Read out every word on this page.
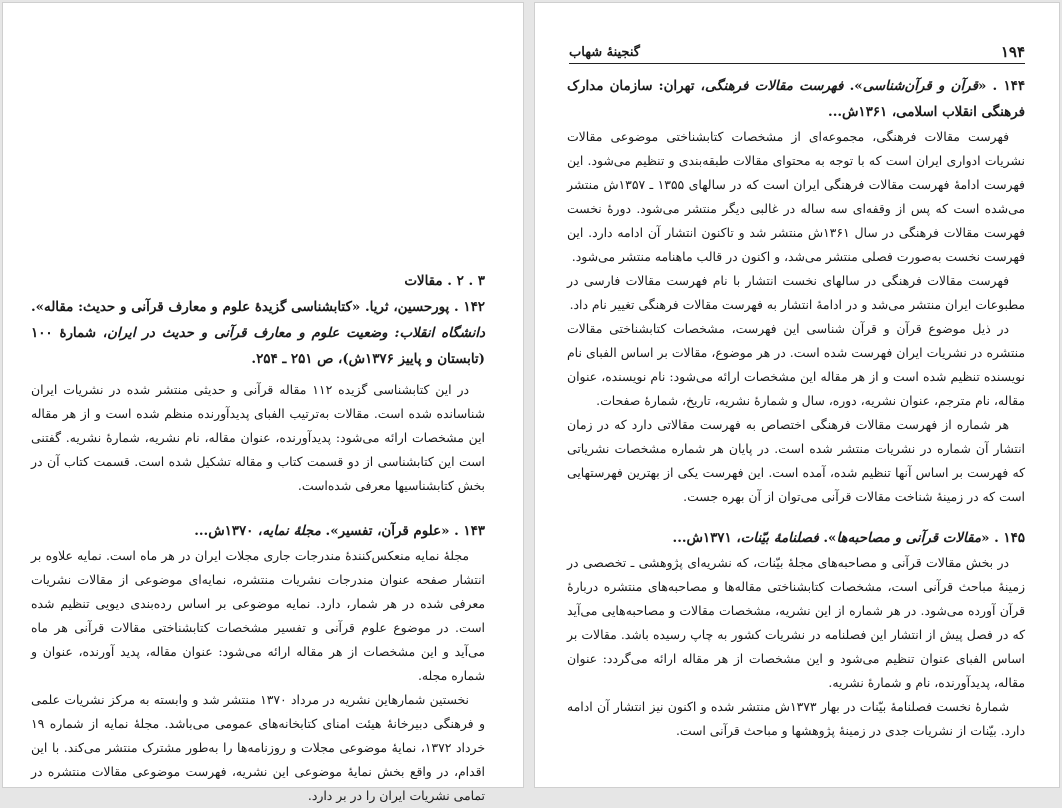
۳ . ۲ . مقالات

۱۴۲ . پورحسین، ثریا. «کتابشناسی گزیدهٔ علوم و معارف قرآنی و حدیث: مقاله». دانشگاه انقلاب: وضعیت علوم و معارف قرآنی و حدیث در ایران، شمارهٔ ۱۰۰ (تابستان و پاییز ۱۳۷۶ش)، ص ۲۵۱ ـ ۲۵۴.

در این کتابشناسی گزیده ۱۱۲ مقاله قرآنی و حدیثی منتشر شده در نشریات ایران شناسانده شده است. مقالات به‌ترتیب الفبای پدیدآورنده منظم شده است و از هر مقاله این مشخصات ارائه می‌شود: پدیدآورنده، عنوان مقاله، نام نشریه، شمارهٔ نشریه. گفتنی است این کتابشناسی از دو قسمت کتاب و مقاله تشکیل شده است. قسمت کتاب آن در بخش کتابشناسیها معرفی شده‌است.

۱۴۳ . «علوم قرآن، تفسیر». مجلهٔ نمایه، ۱۳۷۰ش...

مجلهٔ نمایه منعکس‌کنندهٔ مندرجات جاری مجلات ایران در هر ماه است. نمایه علاوه بر انتشار صفحه عنوان مندرجات نشریات منتشره، نمایه‌ای موضوعی از مقالات نشریات معرفی شده در هر شمار، دارد. نمایه موضوعی بر اساس رده‌بندی دیویی تنظیم شده است. در موضوع علوم قرآنی و تفسیر مشخصات کتابشناختی مقالات قرآنی هر ماه می‌آید و این مشخصات از هر مقاله ارائه می‌شود: عنوان مقاله، پدید آورنده، عنوان و شماره مجله.

نخستین شمارهاین نشریه در مرداد ۱۳۷۰ منتشر شد و وابسته به مرکز نشریات علمی و فرهنگی دبیرخانهٔ هیئت امنای کتابخانه‌های عمومی می‌باشد. مجلهٔ نمایه از شماره ۱۹ خرداد ۱۳۷۲، نمایهٔ موضوعی مجلات و روزنامه‌ها را به‌طور مشترک منتشر می‌کند. با این اقدام، در واقع بخش نمایهٔ موضوعی این نشریه، فهرست موضوعی مقالات منتشره در تمامی نشریات ایران را در بر دارد.

۱۹۴
گنجینهٔ شهاب

۱۴۴ . «قرآن و قرآن‌شناسی». فهرست مقالات فرهنگی، تهران: سازمان مدارک فرهنگی انقلاب اسلامی، ۱۳۶۱ش...

فهرست مقالات فرهنگی، مجموعه‌ای از مشخصات کتابشناختی موضوعی مقالات نشریات ادواری ایران است که با توجه به محتوای مقالات طبقه‌بندی و تنظیم می‌شود. این فهرست ادامهٔ فهرست مقالات فرهنگی ایران است که در سالهای ۱۳۵۵ ـ ۱۳۵۷ش منتشر می‌شده است که پس از وقفه‌ای سه ساله در غالبی دیگر منتشر می‌شود. دورهٔ نخست فهرست مقالات فرهنگی در سال ۱۳۶۱ش منتشر شد و تاکنون انتشار آن ادامه دارد. این فهرست نخست به‌صورت فصلی منتشر می‌شد، و اکنون در قالب ماهنامه منتشر می‌شود.

فهرست مقالات فرهنگی در سالهای نخست انتشار با نام فهرست مقالات فارسی در مطبوعات ایران منتشر می‌شد و در ادامهٔ انتشار به فهرست مقالات فرهنگی تغییر نام داد.

در ذیل موضوع قرآن و قرآن شناسی این فهرست، مشخصات کتابشناختی مقالات منتشره در نشریات ایران فهرست شده است. در هر موضوع، مقالات بر اساس الفبای نام نویسنده تنظیم شده است و از هر مقاله این مشخصات ارائه می‌شود: نام نویسنده، عنوان مقاله، نام مترجم، عنوان نشریه، دوره، سال و شمارهٔ نشریه، تاریخ، شمارهٔ صفحات.

هر شماره از فهرست مقالات فرهنگی اختصاص به فهرست مقالاتی دارد که در زمان انتشار آن شماره در نشریات منتشر شده است. در پایان هر شماره مشخصات نشریاتی که فهرست بر اساس آنها تنظیم شده، آمده است. این فهرست یکی از بهترین فهرستهایی است که در زمینهٔ شناخت مقالات قرآنی می‌توان از آن بهره جست.

۱۴۵ . «مقالات قرآنی و مصاحبه‌ها». فصلنامهٔ بیّنات، ۱۳۷۱ش...

در بخش مقالات قرآنی و مصاحبه‌های مجلهٔ بیّنات، که نشریه‌ای پژوهشی ـ تخصصی در زمینهٔ مباحث قرآنی است، مشخصات کتابشناختی مقاله‌ها و مصاحبه‌های منتشره دربارهٔ قرآن آورده می‌شود. در هر شماره از این نشریه، مشخصات مقالات و مصاحبه‌هایی می‌آید که در فصل پیش از انتشار این فصلنامه در نشریات کشور به چاپ رسیده باشد. مقالات بر اساس الفبای عنوان تنظیم می‌شود و این مشخصات از هر مقاله ارائه می‌گردد: عنوان مقاله، پدیدآورنده، نام و شمارهٔ نشریه.

شمارهٔ نخست فصلنامهٔ بیّنات در بهار ۱۳۷۳ش منتشر شده و اکنون نیز انتشار آن ادامه دارد. بیّنات از نشریات جدی در زمینهٔ پژوهشها و مباحث قرآنی است.
